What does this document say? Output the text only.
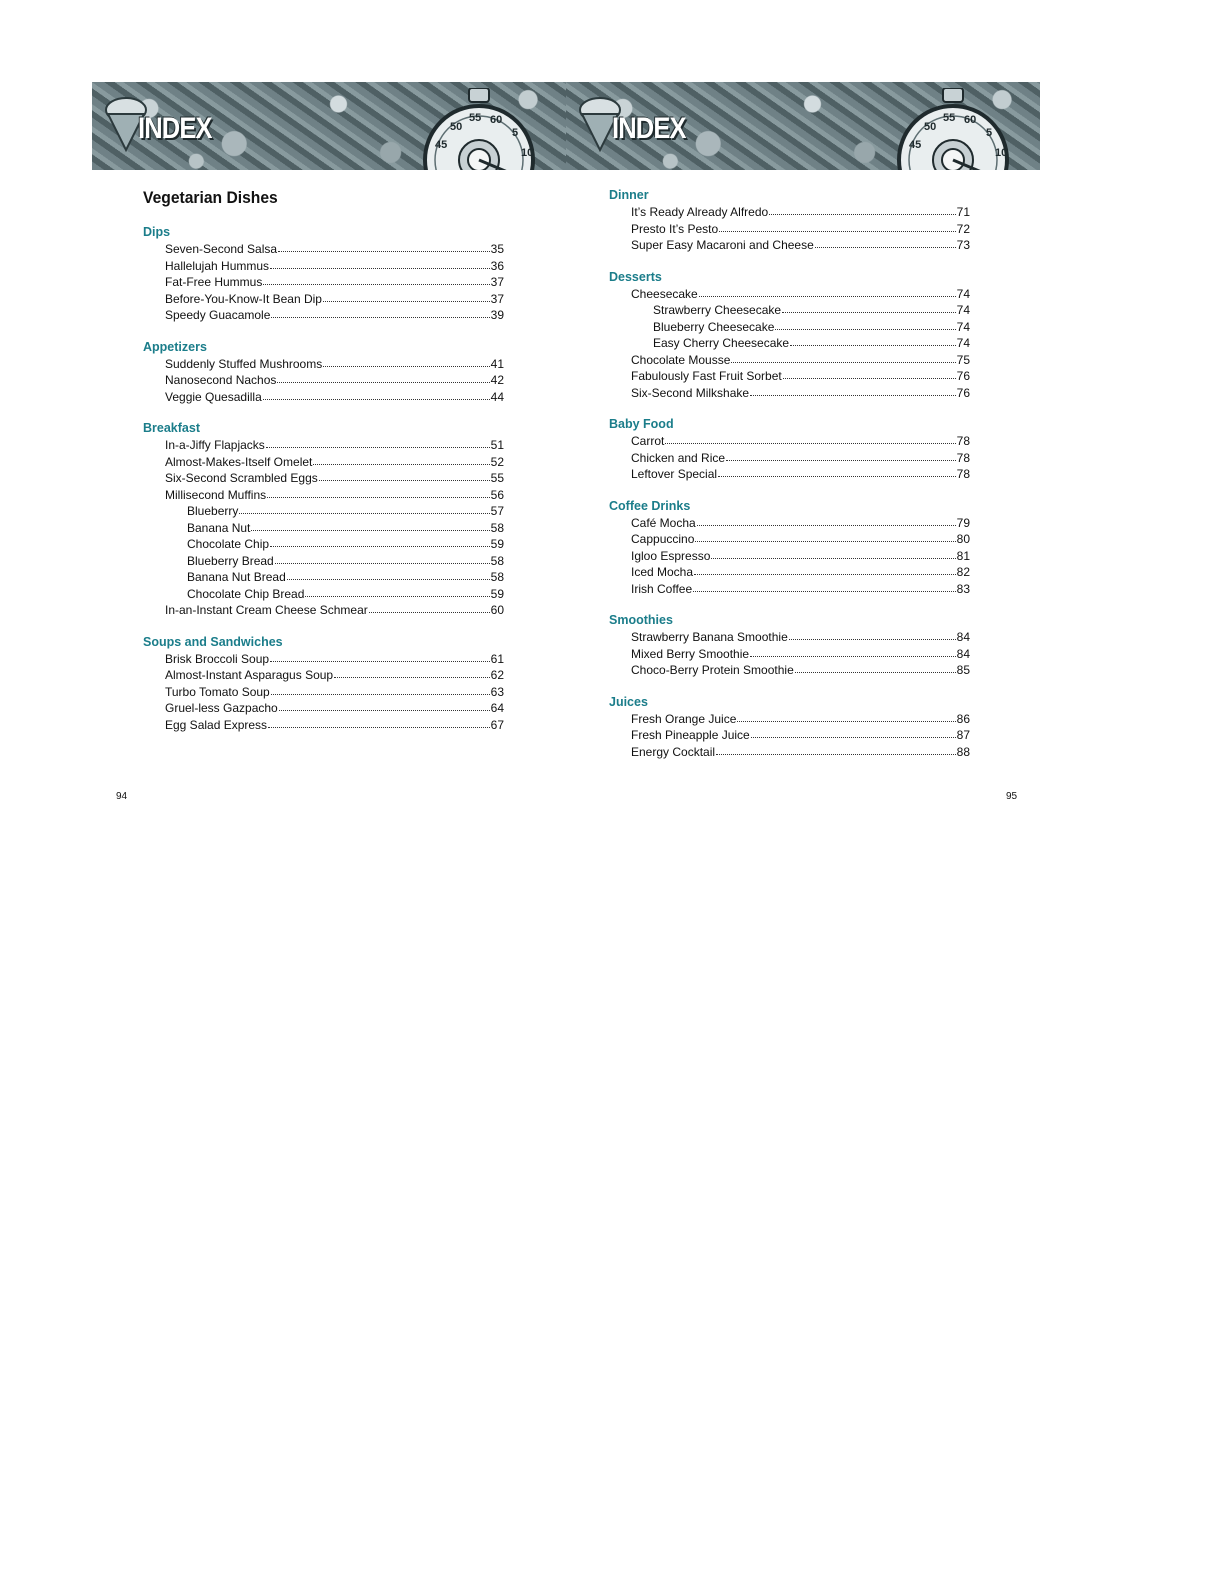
INDEX	45
50
55 60
5
10
INDEX	45
50
55 60
5
10
Vegetarian Dishes
Dips
Seven-Second Salsa	35
Hallelujah Hummus	36
Fat-Free Hummus	37
Before-You-Know-It Bean Dip	37
Speedy Guacamole	39
Appetizers
Suddenly Stuffed Mushrooms	41
Nanosecond Nachos	42
Veggie Quesadilla	44
Breakfast
In-a-Jiffy Flapjacks	51
Almost-Makes-Itself Omelet	52
Six-Second Scrambled Eggs	55
Millisecond Muffins	56
Blueberry	57
Banana Nut	58
Chocolate Chip	59
Blueberry Bread	58
Banana Nut Bread	58
Chocolate Chip Bread	59
In-an-Instant Cream Cheese Schmear	60
Soups and Sandwiches
Brisk Broccoli Soup	61
Almost-Instant Asparagus Soup	62
Turbo Tomato Soup	63
Gruel-less Gazpacho	64
Egg Salad Express	67
Dinner
It’s Ready Already Alfredo	71
Presto It’s Pesto	72
Super Easy Macaroni and Cheese	73
Desserts
Cheesecake	74
Strawberry Cheesecake	74
Blueberry Cheesecake	74
Easy Cherry Cheesecake	74
Chocolate Mousse	75
Fabulously Fast Fruit Sorbet	76
Six-Second Milkshake	76
Baby Food
Carrot	78
Chicken and Rice	78
Leftover Special	78
Coffee Drinks
Café Mocha	79
Cappuccino	80
Igloo Espresso	81
Iced Mocha	82
Irish Coffee	83
Smoothies
Strawberry Banana Smoothie	84
Mixed Berry Smoothie	84
Choco-Berry Protein Smoothie	85
Juices
Fresh Orange Juice	86
Fresh Pineapple Juice	87
Energy Cocktail	88
94	95
